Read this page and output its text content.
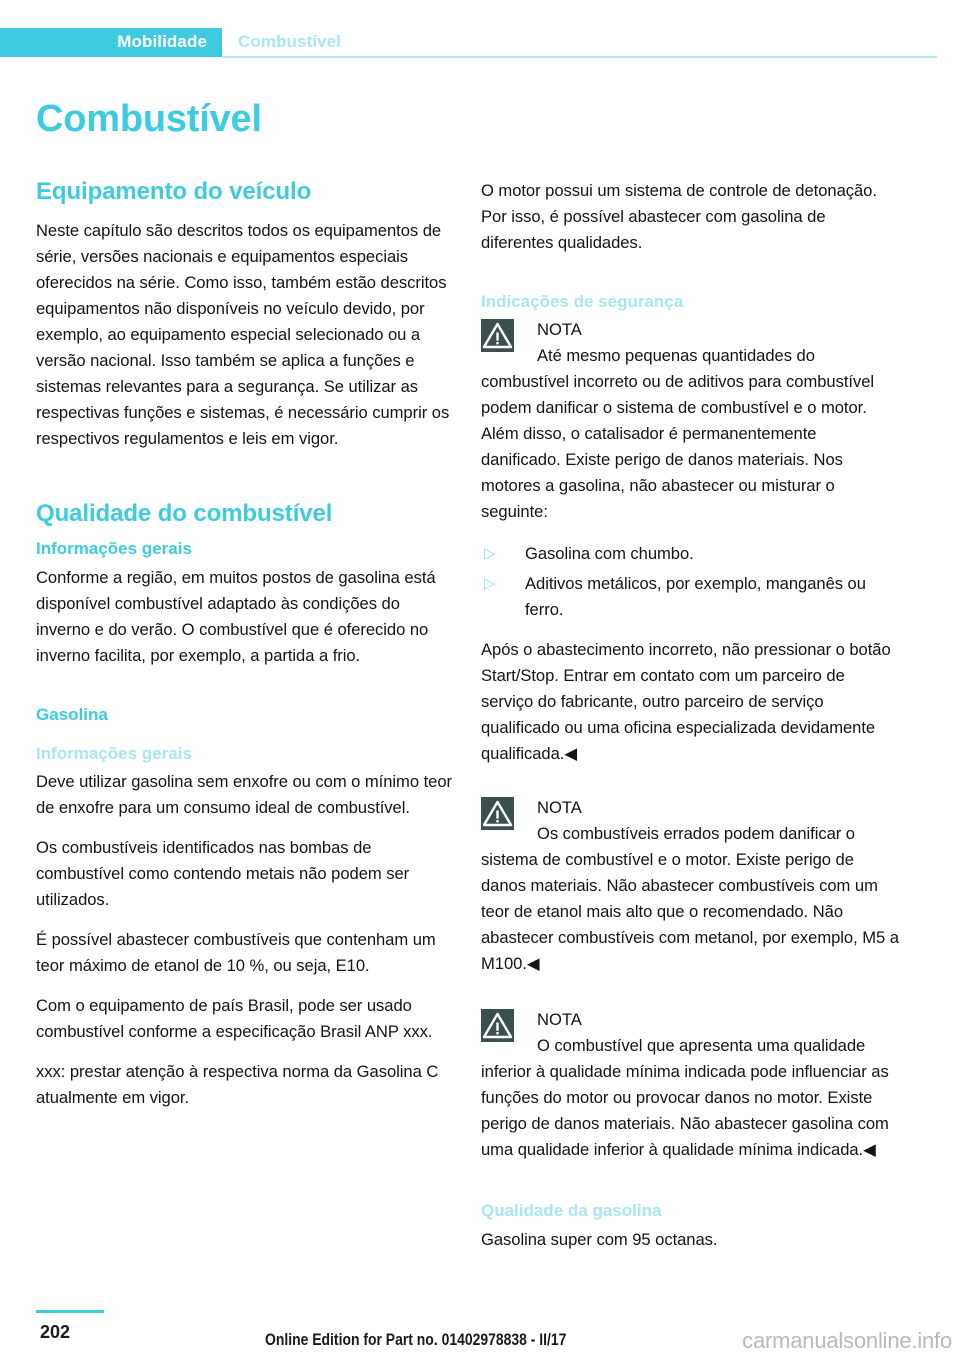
Mobilidade Combustível
Combustível
Equipamento do veículo

Neste capítulo são descritos todos os equipamentos de série, versões nacionais e equipamentos especiais oferecidos na série. Como isso, também estão descritos equipamentos não disponíveis no veículo devido, por exemplo, ao equipamento especial selecionado ou a versão nacional. Isso também se aplica a funções e sistemas relevantes para a segurança. Se utilizar as respectivas funções e sistemas, é necessário cumprir os respectivos regulamentos e leis em vigor.

Qualidade do combustível
Informações gerais

Conforme a região, em muitos postos de gasolina está disponível combustível adaptado às condições do inverno e do verão. O combustível que é oferecido no inverno facilita, por exemplo, a partida a frio.

Gasolina
Informações gerais

Deve utilizar gasolina sem enxofre ou com o mínimo teor de enxofre para um consumo ideal de combustível.

Os combustíveis identificados nas bombas de combustível como contendo metais não podem ser utilizados.

É possível abastecer combustíveis que contenham um teor máximo de etanol de 10 %, ou seja, E10.

Com o equipamento de país Brasil, pode ser usado combustível conforme a especificação Brasil ANP xxx.

xxx: prestar atenção à respectiva norma da Gasolina C atualmente em vigor.

O motor possui um sistema de controle de detonação. Por isso, é possível abastecer com gasolina de diferentes qualidades.

Indicações de segurança
NOTA
Até mesmo pequenas quantidades do combustível incorreto ou de aditivos para combustível podem danificar o sistema de combustível e o motor. Além disso, o catalisador é permanentemente danificado. Existe perigo de danos materiais. Nos motores a gasolina, não abastecer ou misturar o seguinte:
▷ Gasolina com chumbo.
▷ Aditivos metálicos, por exemplo, manganês ou ferro.

Após o abastecimento incorreto, não pressionar o botão Start/Stop. Entrar em contato com um parceiro de serviço do fabricante, outro parceiro de serviço qualificado ou uma oficina especializada devidamente qualificada.◀

NOTA
Os combustíveis errados podem danificar o sistema de combustível e o motor. Existe perigo de danos materiais. Não abastecer combustíveis com um teor de etanol mais alto que o recomendado. Não abastecer combustíveis com metanol, por exemplo, M5 a M100.◀
NOTA
O combustível que apresenta uma qualidade inferior à qualidade mínima indicada pode influenciar as funções do motor ou provocar danos no motor. Existe perigo de danos materiais. Não abastecer gasolina com uma qualidade inferior à qualidade mínima indicada.◀
Qualidade da gasolina

Gasolina super com 95 octanas.

202	Online Edition for Part no. 01402978838 - II/17	carmanualsonline.info
